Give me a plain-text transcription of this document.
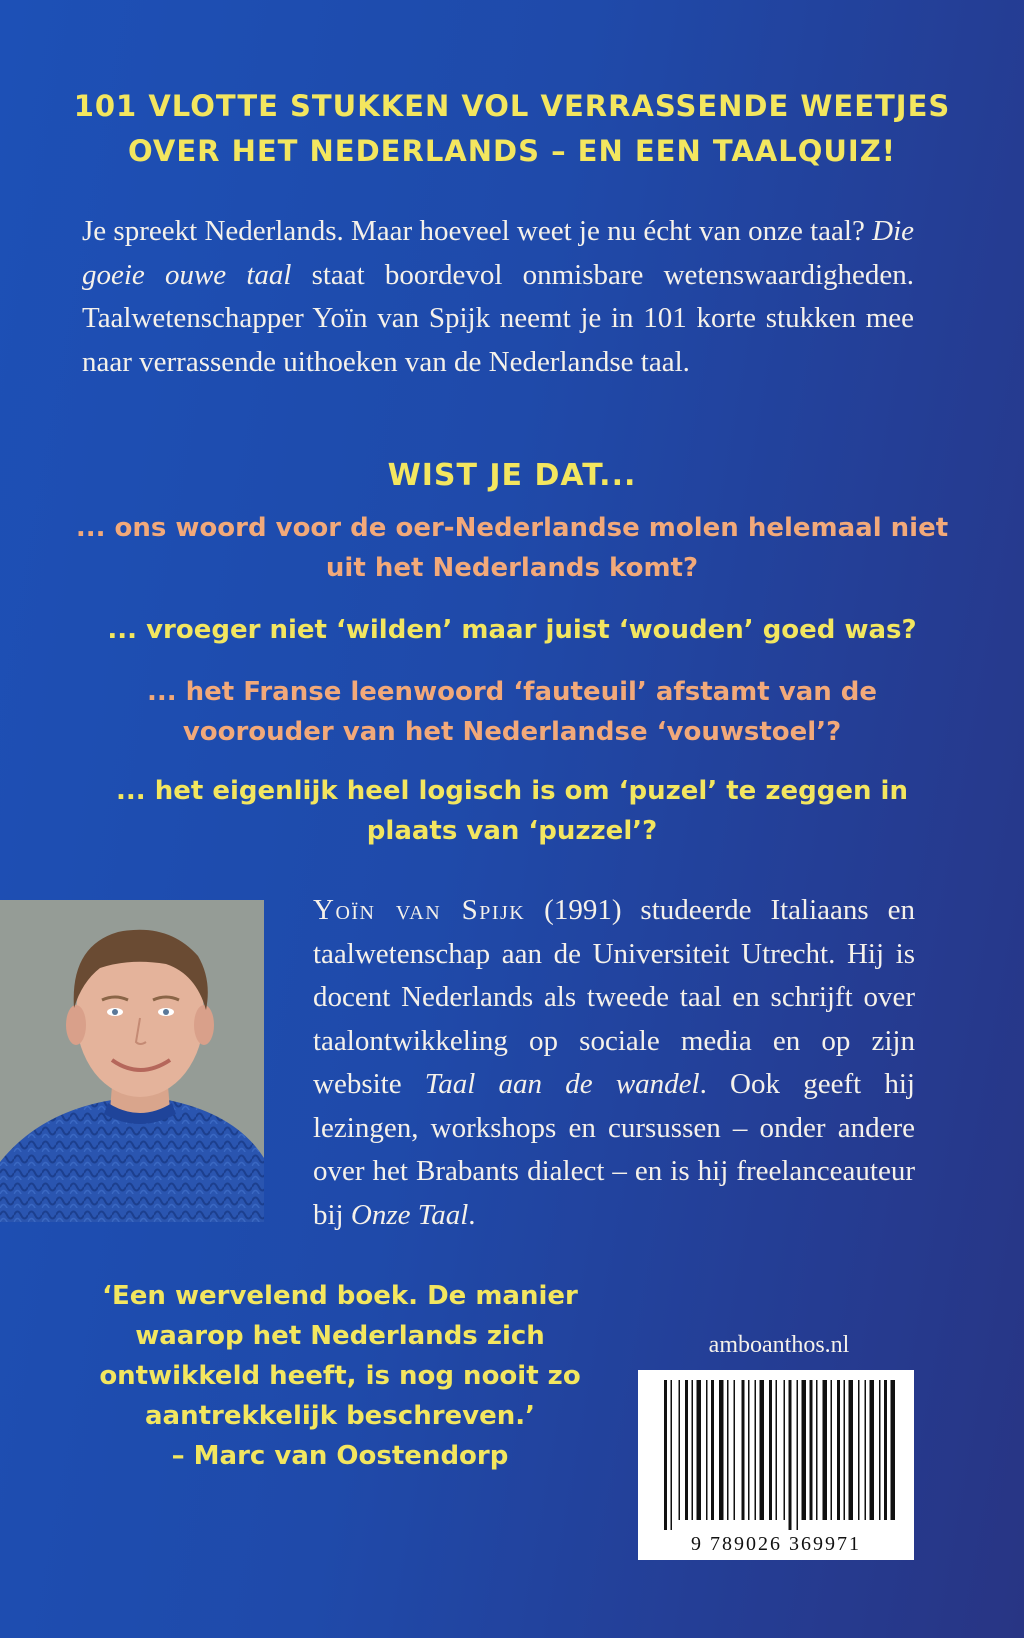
101 VLOTTE STUKKEN VOL VERRASSENDE WEETJES
OVER HET NEDERLANDS – EN EEN TAALQUIZ!
Je spreekt Nederlands. Maar hoeveel weet je nu écht van onze taal? Die goeie ouwe taal staat boordevol onmisbare wetenswaardigheden. Taalwetenschapper Yoïn van Spijk neemt je in 101 korte stukken mee naar verrassende uithoeken van de Nederlandse taal.
WIST JE DAT...
... ons woord voor de oer-Nederlandse molen helemaal niet uit het Nederlands komt?
... vroeger niet ‘wilden’ maar juist ‘wouden’ goed was?
... het Franse leenwoord ‘fauteuil’ afstamt van de voorouder van het Nederlandse ‘vouwstoel’?
... het eigenlijk heel logisch is om ‘puzel’ te zeggen in plaats van ‘puzzel’?
Yoïn van Spijk (1991) studeerde Italiaans en taalwetenschap aan de Universiteit Utrecht. Hij is docent Nederlands als tweede taal en schrijft over taalontwikkeling op sociale media en op zijn website Taal aan de wandel. Ook geeft hij lezingen, workshops en cursussen – onder andere over het Brabants dialect – en is hij freelanceauteur bij Onze Taal.
‘Een wervelend boek. De manier
waarop het Nederlands zich
ontwikkeld heeft, is nog nooit zo
aantrekkelijk beschreven.’
– Marc van Oostendorp
amboanthos.nl
9 789026 369971
